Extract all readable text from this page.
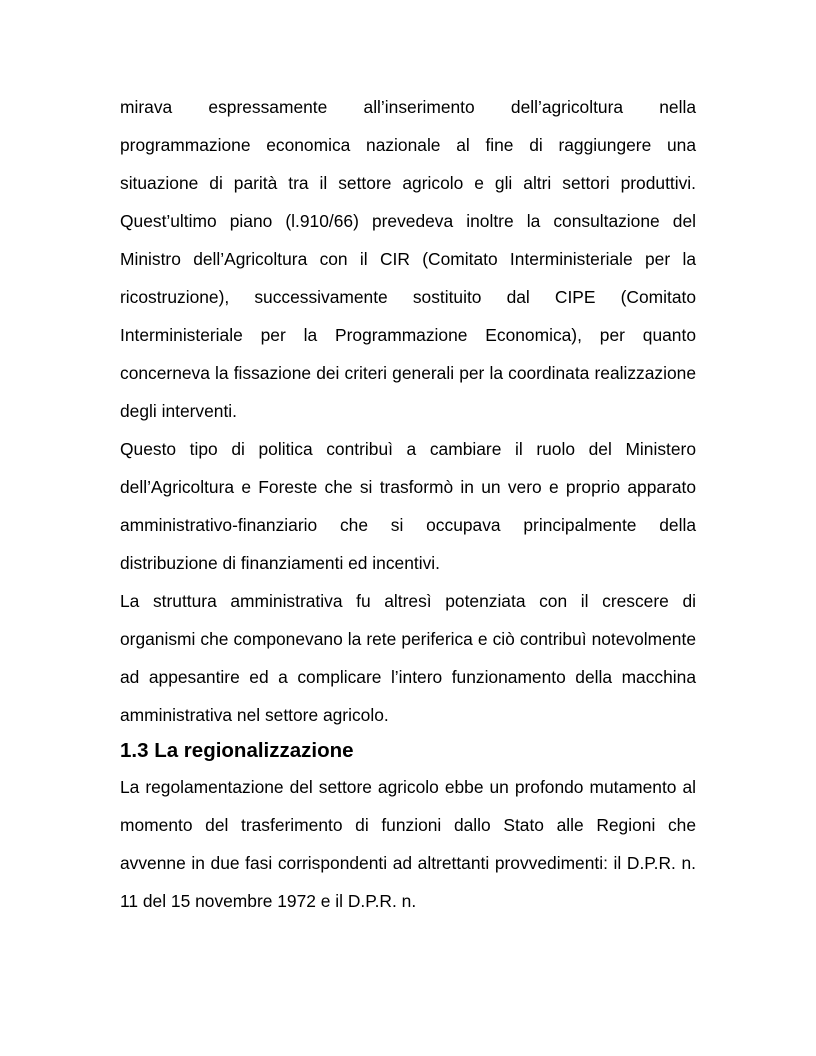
mirava espressamente all’inserimento dell’agricoltura nella programmazione economica nazionale al fine di raggiungere una situazione di parità tra il settore agricolo e gli altri settori produttivi. Quest’ultimo piano (l.910/66) prevedeva inoltre la consultazione del Ministro dell’Agricoltura con il CIR (Comitato Interministeriale per la ricostruzione), successivamente sostituito dal CIPE (Comitato Interministeriale per la Programmazione Economica), per quanto concerneva la fissazione dei criteri generali per la coordinata realizzazione degli interventi.

Questo tipo di politica contribuì a cambiare il ruolo del Ministero dell’Agricoltura e Foreste che si trasformò in un vero e proprio apparato amministrativo-finanziario che si occupava principalmente della distribuzione di finanziamenti ed incentivi.

La struttura amministrativa fu altresì potenziata con il crescere di organismi che componevano la rete periferica e ciò contribuì notevolmente ad appesantire ed a complicare l’intero funzionamento della macchina amministrativa nel settore agricolo.

1.3 La regionalizzazione

La regolamentazione del settore agricolo ebbe un profondo mutamento al momento del trasferimento di funzioni dallo Stato alle Regioni che avvenne in due fasi corrispondenti ad altrettanti provvedimenti: il D.P.R. n. 11 del 15 novembre 1972 e il D.P.R. n.
